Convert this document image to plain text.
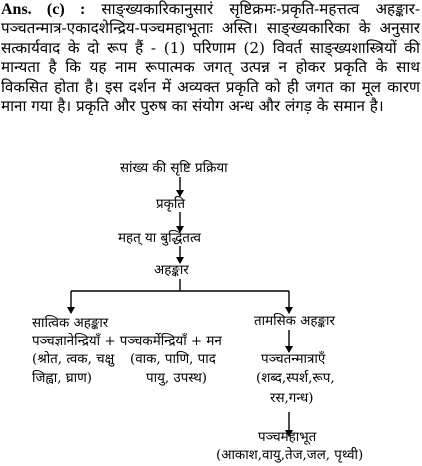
Ans. (c) : साङ्ख्यकारिकानुसारं सृष्टिक्रमः-प्रकृति-महत्तत्व अहङ्कार-पञ्चतन्मात्र-एकादशेन्द्रिय-पञ्चमहाभूताः अस्ति। साङ्ख्यकारिका के अनुसार सत्कार्यवाद के दो रूप हैं - (1) परिणाम (2) विवर्त साङ्ख्यशास्त्रियों की मान्यता है कि यह नाम रूपात्मक जगत् उत्पन्न न होकर प्रकृति के साथ विकसित होता है। इस दर्शन में अव्यक्त प्रकृति को ही जगत का मूल कारण माना गया है। प्रकृति और पुरुष का संयोग अन्ध और लंगड़ के समान है।
सांख्य की सृष्टि प्रक्रिया
प्रकृति
महत् या बुद्धितत्व
अहङ्कार
सात्विक अहङ्कार
पञ्चज्ञानेन्द्रियाँ + पञ्चकर्मेन्द्रियाँ + मन
(श्रोत, त्वक, चक्षु
जिह्वा, घ्राण)
(वाक, पाणि, पाद
पायु, उपस्थ)
तामसिक अहङ्कार
पञ्चतन्मात्राएँ
(शब्द,स्पर्श,रूप,
रस,गन्ध)
पञ्चमहाभूत
(आकाश,वायु,तेज,जल, पृथ्वी)
